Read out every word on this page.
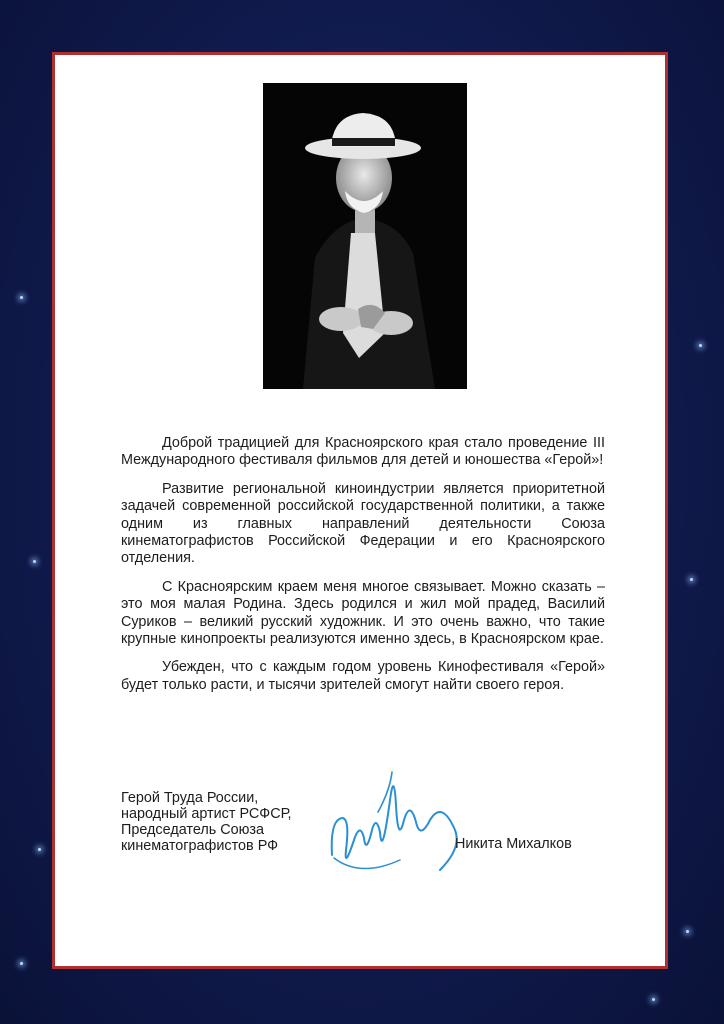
Доброй традицией для Красноярского края стало проведение III Международного фестиваля фильмов для детей и юношества «Герой»!

Развитие региональной киноиндустрии является приоритетной задачей современной российской государственной политики, а также одним из главных направлений деятельности Союза кинематографистов Российской Федерации и его Красноярского отделения.

С Красноярским краем меня многое связывает. Можно сказать – это моя малая Родина. Здесь родился и жил мой прадед, Василий Суриков – великий русский художник. И это очень важно, что такие крупные кинопроекты реализуются именно здесь, в Красноярском крае.

Убежден, что с каждым годом уровень Кинофестиваля «Герой» будет только расти, и тысячи зрителей смогут найти своего героя.

Герой Труда России,
народный артист РСФСР,
Председатель Союза
кинематографистов РФ	Никита Михалков
